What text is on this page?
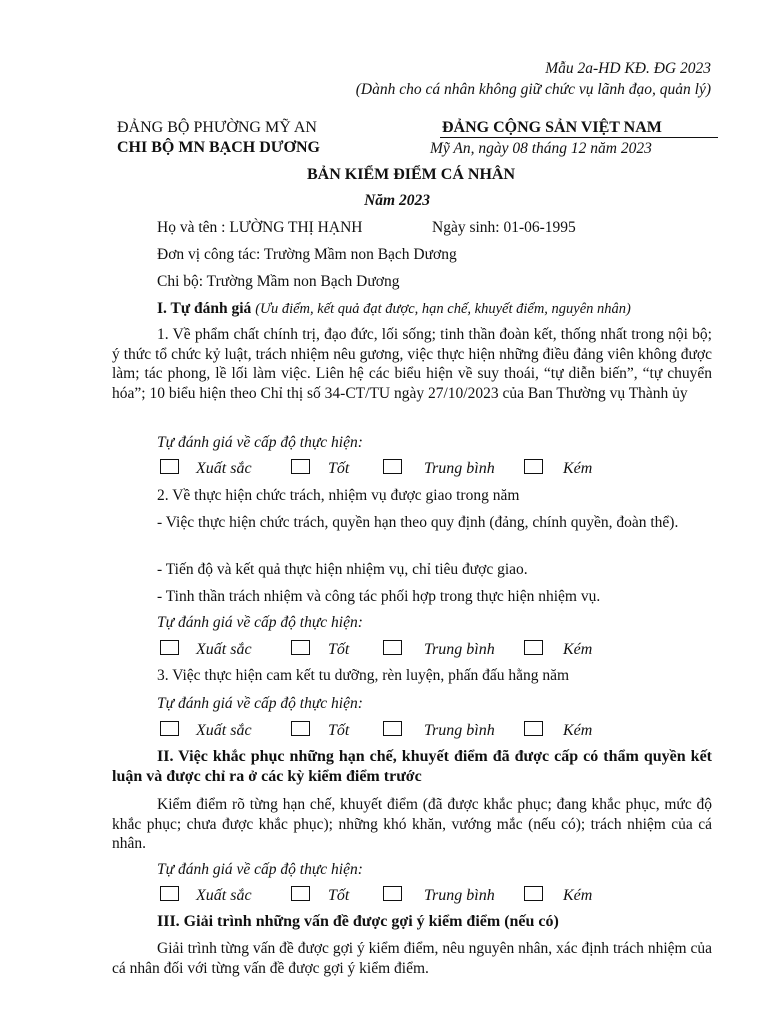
Mẫu 2a-HD KĐ. ĐG 2023
(Dành cho cá nhân không giữ chức vụ lãnh đạo, quản lý)
ĐẢNG BỘ PHƯỜNG MỸ AN
CHI BỘ MN BẠCH DƯƠNG
ĐẢNG CỘNG SẢN VIỆT NAM
Mỹ An, ngày 08 tháng 12 năm 2023
BẢN KIỂM ĐIỂM CÁ NHÂN
Năm 2023
Họ và tên : LƯỜNG THỊ HẠNH	Ngày sinh: 01-06-1995
Đơn vị công tác: Trường Mầm non Bạch Dương
Chi bộ: Trường Mầm non Bạch Dương
I. Tự đánh giá (Ưu điểm, kết quả đạt được, hạn chế, khuyết điểm, nguyên nhân)
1. Về phẩm chất chính trị, đạo đức, lối sống; tinh thần đoàn kết, thống nhất trong nội bộ; ý thức tổ chức kỷ luật, trách nhiệm nêu gương, việc thực hiện những điều đảng viên không được làm; tác phong, lề lối làm việc. Liên hệ các biểu hiện về suy thoái, “tự diễn biến”, “tự chuyển hóa”; 10 biểu hiện theo Chỉ thị số 34-CT/TU ngày 27/10/2023 của Ban Thường vụ Thành ủy
Tự đánh giá về cấp độ thực hiện:
Xuất sắc	Tốt	Trung bình	Kém
2. Về thực hiện chức trách, nhiệm vụ được giao trong năm
- Việc thực hiện chức trách, quyền hạn theo quy định (đảng, chính quyền, đoàn thể).
- Tiến độ và kết quả thực hiện nhiệm vụ, chỉ tiêu được giao.
- Tinh thần trách nhiệm và công tác phối hợp trong thực hiện nhiệm vụ.
Tự đánh giá về cấp độ thực hiện:
Xuất sắc	Tốt	Trung bình	Kém
3. Việc thực hiện cam kết tu dưỡng, rèn luyện, phấn đấu hằng năm
Tự đánh giá về cấp độ thực hiện:
Xuất sắc	Tốt	Trung bình	Kém
II. Việc khắc phục những hạn chế, khuyết điểm đã được cấp có thẩm quyền kết luận và được chỉ ra ở các kỳ kiểm điểm trước
Kiểm điểm rõ từng hạn chế, khuyết điểm (đã được khắc phục; đang khắc phục, mức độ khắc phục; chưa được khắc phục); những khó khăn, vướng mắc (nếu có); trách nhiệm của cá nhân.
Tự đánh giá về cấp độ thực hiện:
Xuất sắc	Tốt	Trung bình	Kém
III. Giải trình những vấn đề được gợi ý kiểm điểm (nếu có)
Giải trình từng vấn đề được gợi ý kiểm điểm, nêu nguyên nhân, xác định trách nhiệm của cá nhân đối với từng vấn đề được gợi ý kiểm điểm.
